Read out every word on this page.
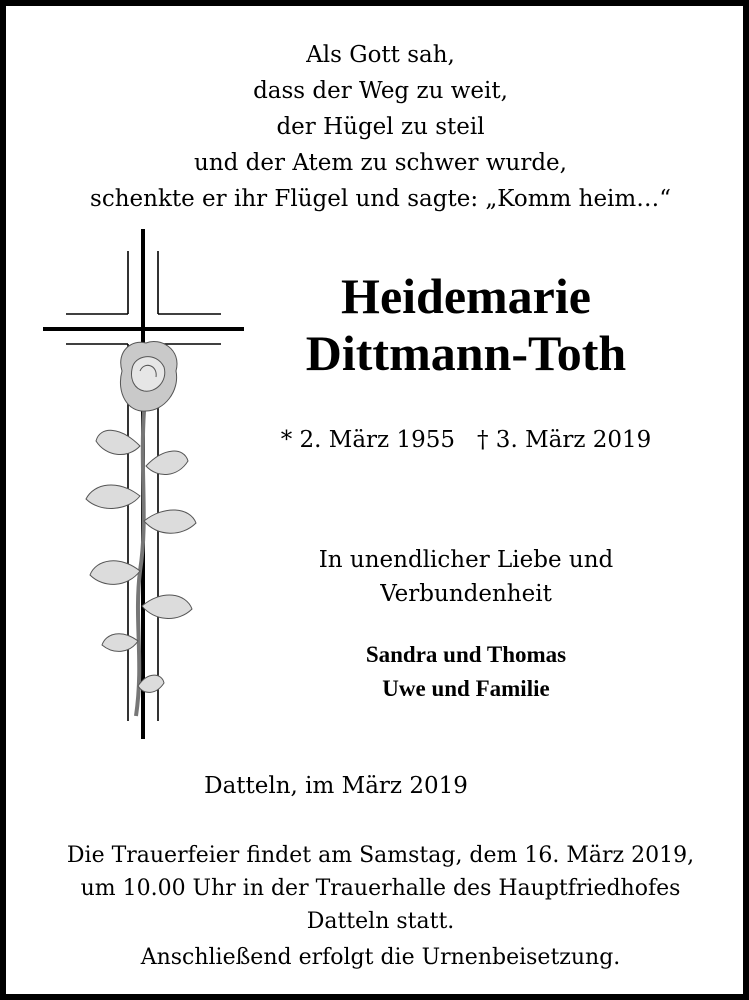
Als Gott sah,
dass der Weg zu weit,
der Hügel zu steil
und der Atem zu schwer wurde,
schenkte er ihr Flügel und sagte: „Komm heim…“
Heidemarie
Dittmann-Toth
* 2. März 1955 † 3. März 2019
In unendlicher Liebe und
Verbundenheit
Sandra und Thomas
Uwe und Familie
Datteln, im März 2019
Die Trauerfeier findet am Samstag, dem 16. März 2019,
um 10.00 Uhr in der Trauerhalle des Hauptfriedhofes
Datteln statt.
Anschließend erfolgt die Urnenbeisetzung.
